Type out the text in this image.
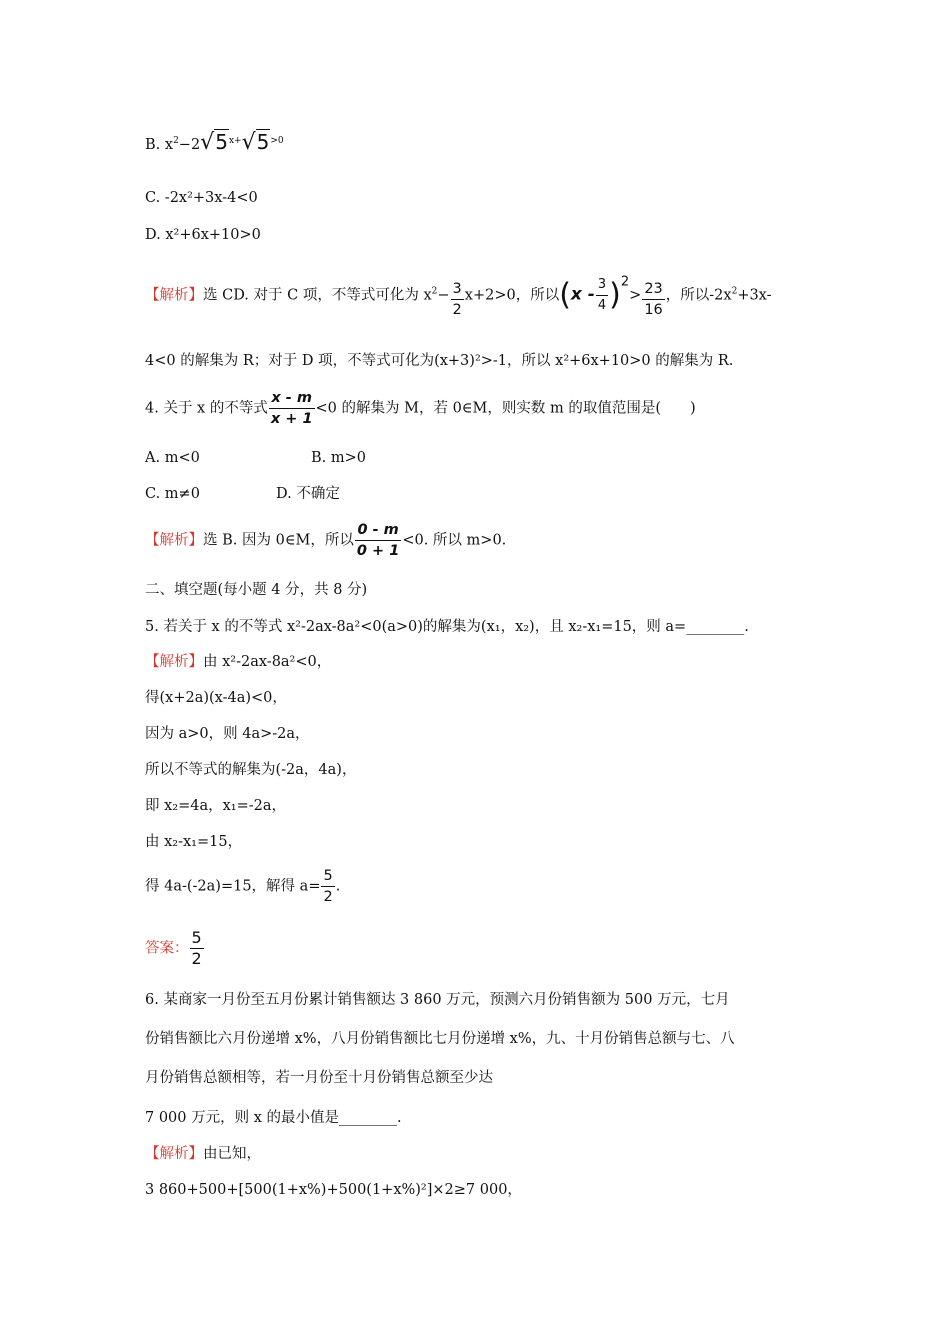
B. $x^2-2√5^{x+}√5^{>0}$
C. -2x²+3x-4<0
D. x²+6x+10>0
【解析】选 CD. 对于 C 项，不等式可化为 $x^2- \frac{3}{2} x+2>0$，所以$(x - \frac{3}{4} )^2> \frac{23}{16}$ ，所以$-2x^2+3x-$
4<0 的解集为 R；对于 D 项，不等式可化为(x+3)²>-1，所以 x²+6x+10>0 的解集为 R.
4. 关于 x 的不等式 $\frac{x - m}{x + 1} <0$ 的解集为 M，若 0∈M，则实数 m 的取值范围是(　　)
A. m<0	B. m>0
C. m≠0	D. 不确定
【解析】选 B. 因为 0∈M，所以 $\frac{0 - m}{0 + 1} <0$. 所以 m>0.
二、填空题(每小题 4 分，共 8 分)
5. 若关于 x 的不等式 x²-2ax-8a²<0(a>0)的解集为(x₁，x₂)，且 x₂-x₁=15，则 a=________.
【解析】由 x²-2ax-8a²<0，
得(x+2a)(x-4a)<0，
因为 a>0，则 4a>-2a，
所以不等式的解集为(-2a，4a)，
即 x₂=4a，x₁=-2a，
由 x₂-x₁=15，
得 4a-(-2a)=15，解得 $a= \frac{5}{2}$ .
答案： $\frac{5}{2}$
6. 某商家一月份至五月份累计销售额达 3 860 万元，预测六月份销售额为 500 万元，七月
份销售额比六月份递增 x%，八月份销售额比七月份递增 x%，九、十月份销售总额与七、八
月份销售总额相等，若一月份至十月份销售总额至少达
7 000 万元，则 x 的最小值是________.
【解析】由已知，
3 860+500+[500(1+x%)+500(1+x%)²]×2≥7 000，
